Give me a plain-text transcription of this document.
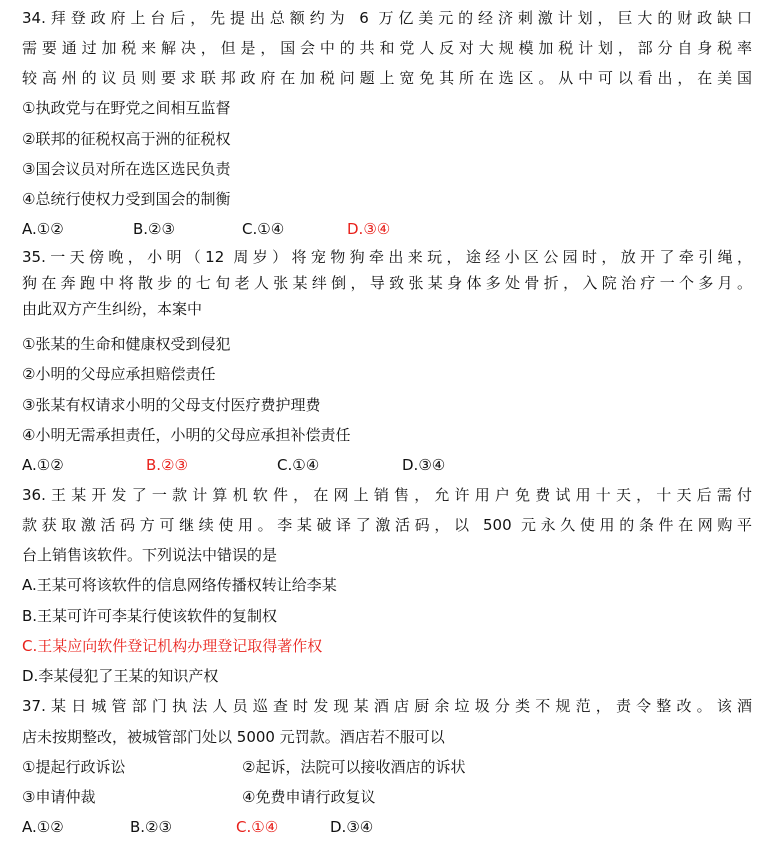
34.拜登政府上台后，先提出总额约为 6 万亿美元的经济刺激计划，巨大的财政缺口
需要通过加税来解决，但是，国会中的共和党人反对大规模加税计划，部分自身税率
较高州的议员则要求联邦政府在加税问题上宽免其所在选区。从中可以看出，在美国
①执政党与在野党之间相互监督
②联邦的征税权高于洲的征税权
③国会议员对所在选区选民负责
④总统行使权力受到国会的制衡
A.①②	B.②③	C.①④	D.③④
35.一天傍晚，小明（12 周岁）将宠物狗牵出来玩，途经小区公园时，放开了牵引绳，
狗在奔跑中将散步的七旬老人张某绊倒，导致张某身体多处骨折，入院治疗一个多月。
由此双方产生纠纷，本案中
①张某的生命和健康权受到侵犯
②小明的父母应承担赔偿责任
③张某有权请求小明的父母支付医疗费护理费
④小明无需承担责任，小明的父母应承担补偿责任
A.①②	B.②③	C.①④	D.③④
36.王某开发了一款计算机软件，在网上销售，允许用户免费试用十天，十天后需付
款获取激活码方可继续使用。李某破译了激活码，以 500 元永久使用的条件在网购平
台上销售该软件。下列说法中错误的是
A.王某可将该软件的信息网络传播权转让给李某
B.王某可许可李某行使该软件的复制权
C.王某应向软件登记机构办理登记取得著作权
D.李某侵犯了王某的知识产权
37.某日城管部门执法人员巡查时发现某酒店厨余垃圾分类不规范，责令整改。该酒
店未按期整改，被城管部门处以 5000 元罚款。酒店若不服可以
①提起行政诉讼	②起诉，法院可以接收酒店的诉状
③申请仲裁	④免费申请行政复议
A.①②	B.②③	C.①④	D.③④
